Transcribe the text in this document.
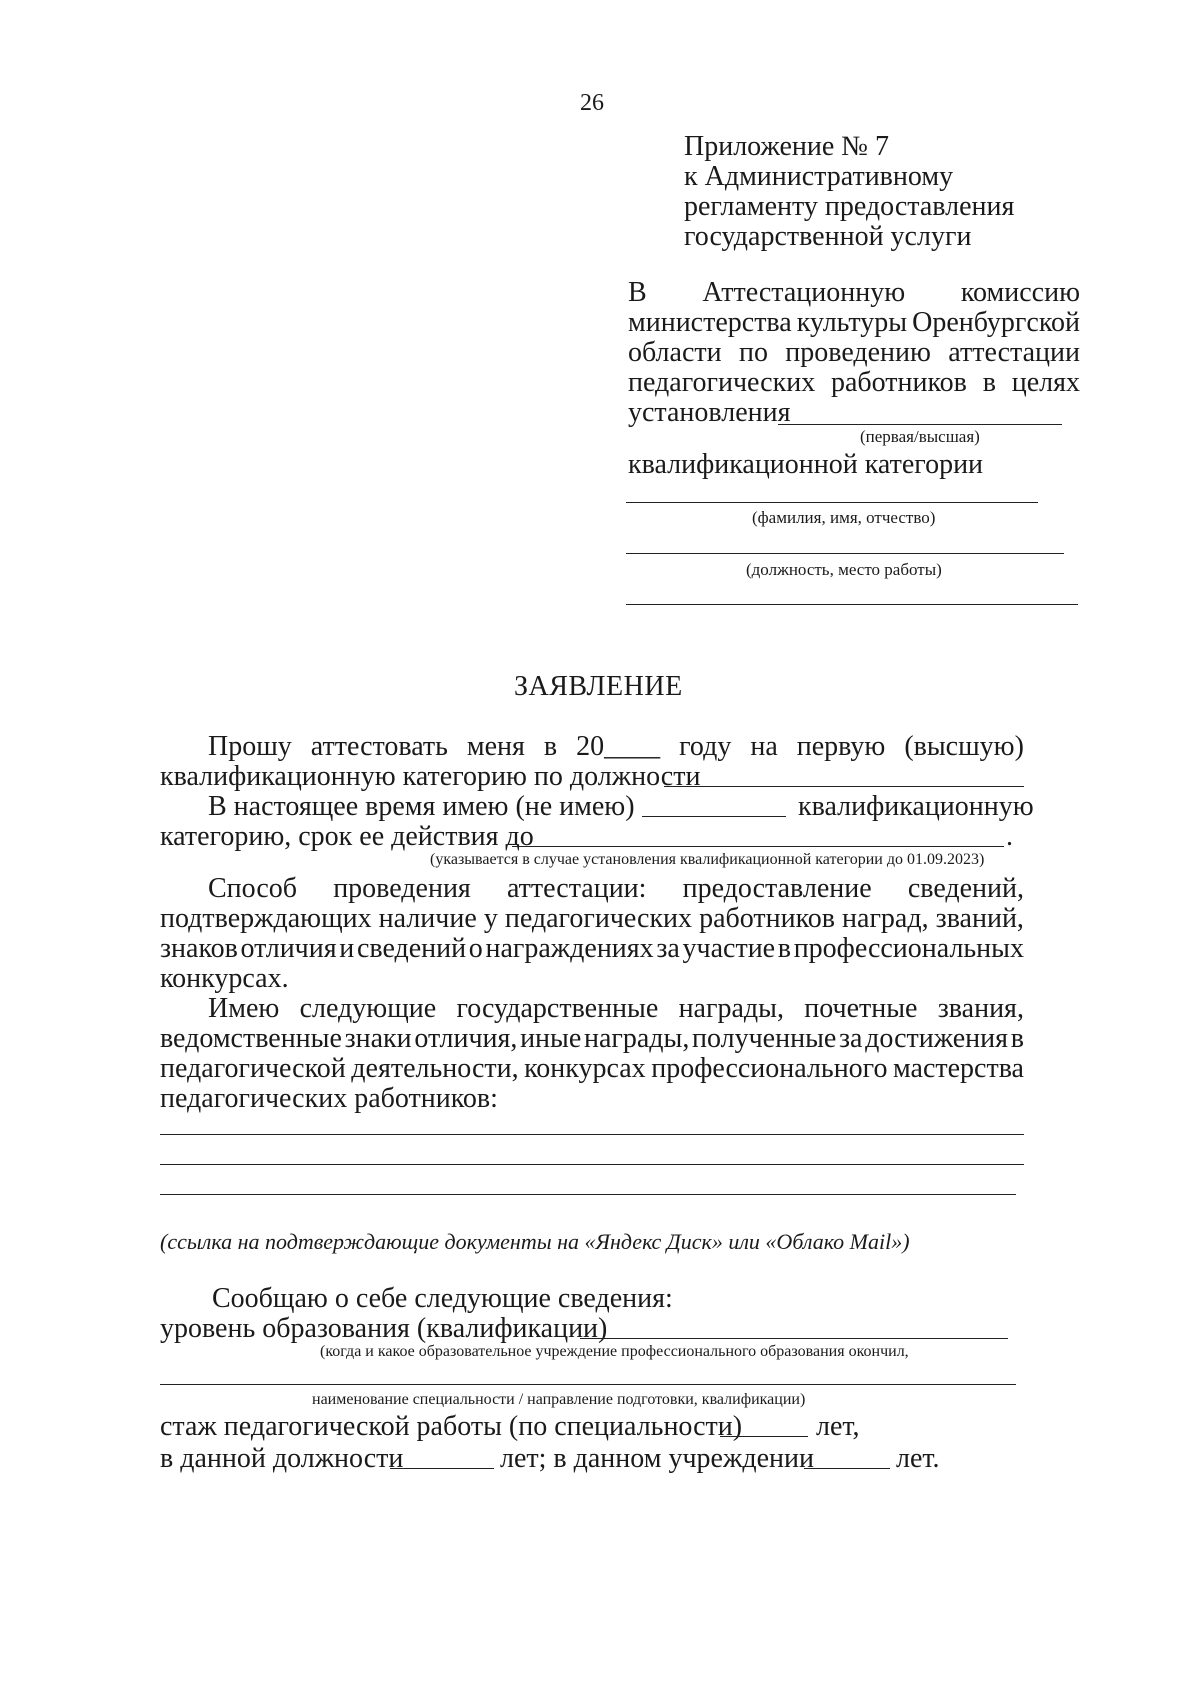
26
Приложение № 7
к Административному
регламенту предоставления
государственной услуги
В Аттестационную комиссию
министерства культуры Оренбургской
области по проведению аттестации
педагогических работников в целях
установления
(первая/высшая)
квалификационной категории
(фамилия, имя, отчество)
(должность, место работы)
ЗАЯВЛЕНИЕ
Прошу аттестовать меня в 20____ году на первую (высшую)
квалификационную категорию по должности
В настоящее время имею (не имею)	квалификационную
категорию, срок ее действия до	.
(указывается в случае установления квалификационной категории до 01.09.2023)
Способ проведения аттестации: предоставление сведений,
подтверждающих наличие у педагогических работников наград, званий,
знаков отличия и сведений о награждениях за участие в профессиональных
конкурсах.
Имею следующие государственные награды, почетные звания,
ведомственные знаки отличия, иные награды, полученные за достижения в
педагогической деятельности, конкурсах профессионального мастерства
педагогических работников:
(ссылка на подтверждающие документы на «Яндекс Диск» или «Облако Mail»)
Сообщаю о себе следующие сведения:
уровень образования (квалификации)
(когда и какое образовательное учреждение профессионального образования окончил,
наименование специальности / направление подготовки, квалификации)
стаж педагогической работы (по специальности)	лет,
в данной должности	лет; в данном учреждении	лет.
